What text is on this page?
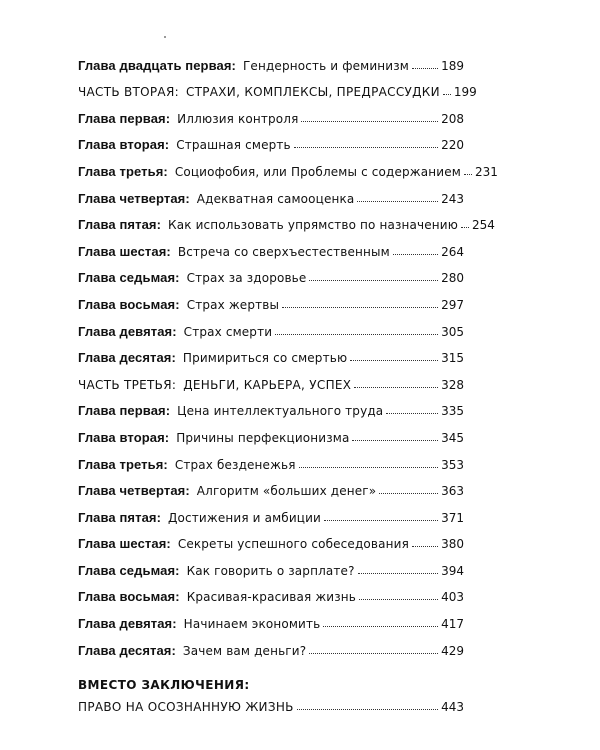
Глава двадцать первая: Гендерность и феминизм	189
ЧАСТЬ ВТОРАЯ: СТРАХИ, КОМПЛЕКСЫ, ПРЕДРАССУДКИ 199
Глава первая: Иллюзия контроля	208
Глава вторая: Страшная смерть	220
Глава третья: Социофобия, или Проблемы с содержанием 231
Глава четвертая: Адекватная самооценка	243
Глава пятая: Как использовать упрямство по назначению 254
Глава шестая: Встреча со сверхъестественным	264
Глава седьмая: Страх за здоровье	280
Глава восьмая: Страх жертвы	297
Глава девятая: Страх смерти	305
Глава десятая: Примириться со смертью	315
ЧАСТЬ ТРЕТЬЯ: ДЕНЬГИ, КАРЬЕРА, УСПЕХ	328
Глава первая: Цена интеллектуального труда	335
Глава вторая: Причины перфекционизма	345
Глава третья: Страх безденежья	353
Глава четвертая: Алгоритм «больших денег»	363
Глава пятая: Достижения и амбиции	371
Глава шестая: Секреты успешного собеседования	380
Глава седьмая: Как говорить о зарплате?	394
Глава восьмая: Красивая-красивая жизнь	403
Глава девятая: Начинаем экономить	417
Глава десятая: Зачем вам деньги?	429
ВМЕСТО ЗАКЛЮЧЕНИЯ:
ПРАВО НА ОСОЗНАННУЮ ЖИЗНЬ	443
